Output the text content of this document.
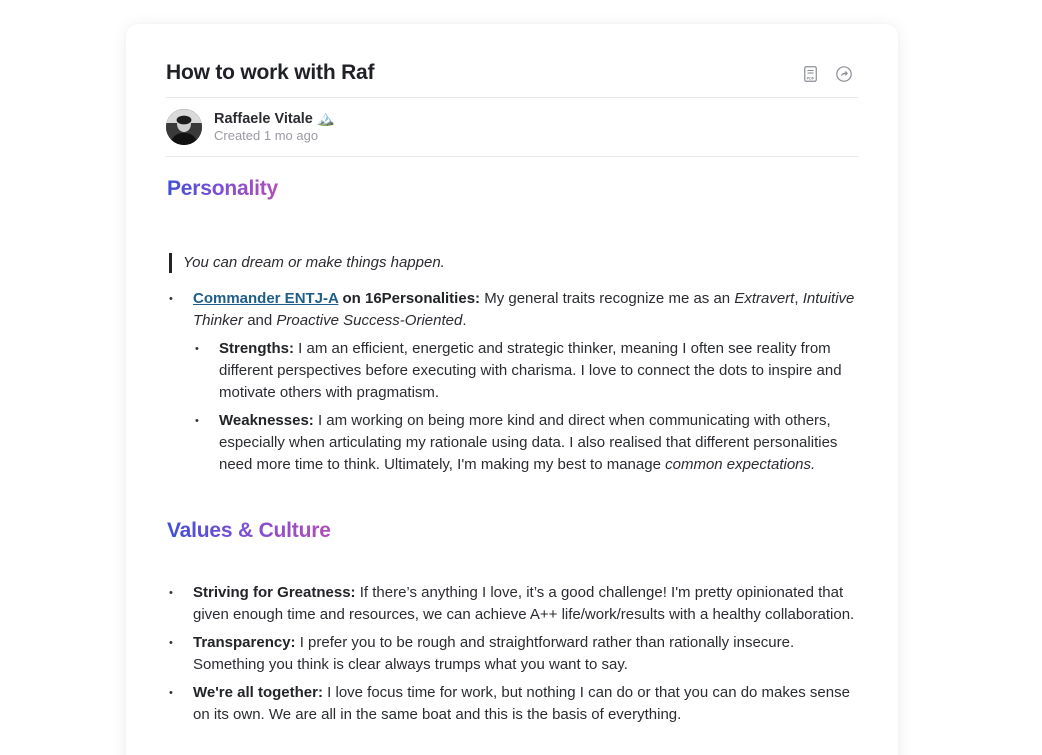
How to work with Raf	PDF
Raffaele Vitale 🏔️
Created 1 mo ago
Personality
You can dream or make things happen.
• Commander ENTJ-A on 16Personalities: My general traits recognize me as an Extravert, Intuitive Thinker and Proactive Success-Oriented.
• Strengths: I am an efficient, energetic and strategic thinker, meaning I often see reality from different perspectives before executing with charisma. I love to connect the dots to inspire and motivate others with pragmatism.
• Weaknesses: I am working on being more kind and direct when communicating with others, especially when articulating my rationale using data. I also realised that different personalities need more time to think. Ultimately, I'm making my best to manage common expectations.
Values & Culture
• Striving for Greatness: If there’s anything I love, it’s a good challenge! I'm pretty opinionated that given enough time and resources, we can achieve A++ life/work/results with a healthy collaboration.
• Transparency: I prefer you to be rough and straightforward rather than rationally insecure. Something you think is clear always trumps what you want to say.
• We're all together: I love focus time for work, but nothing I can do or that you can do makes sense on its own. We are all in the same boat and this is the basis of everything.
